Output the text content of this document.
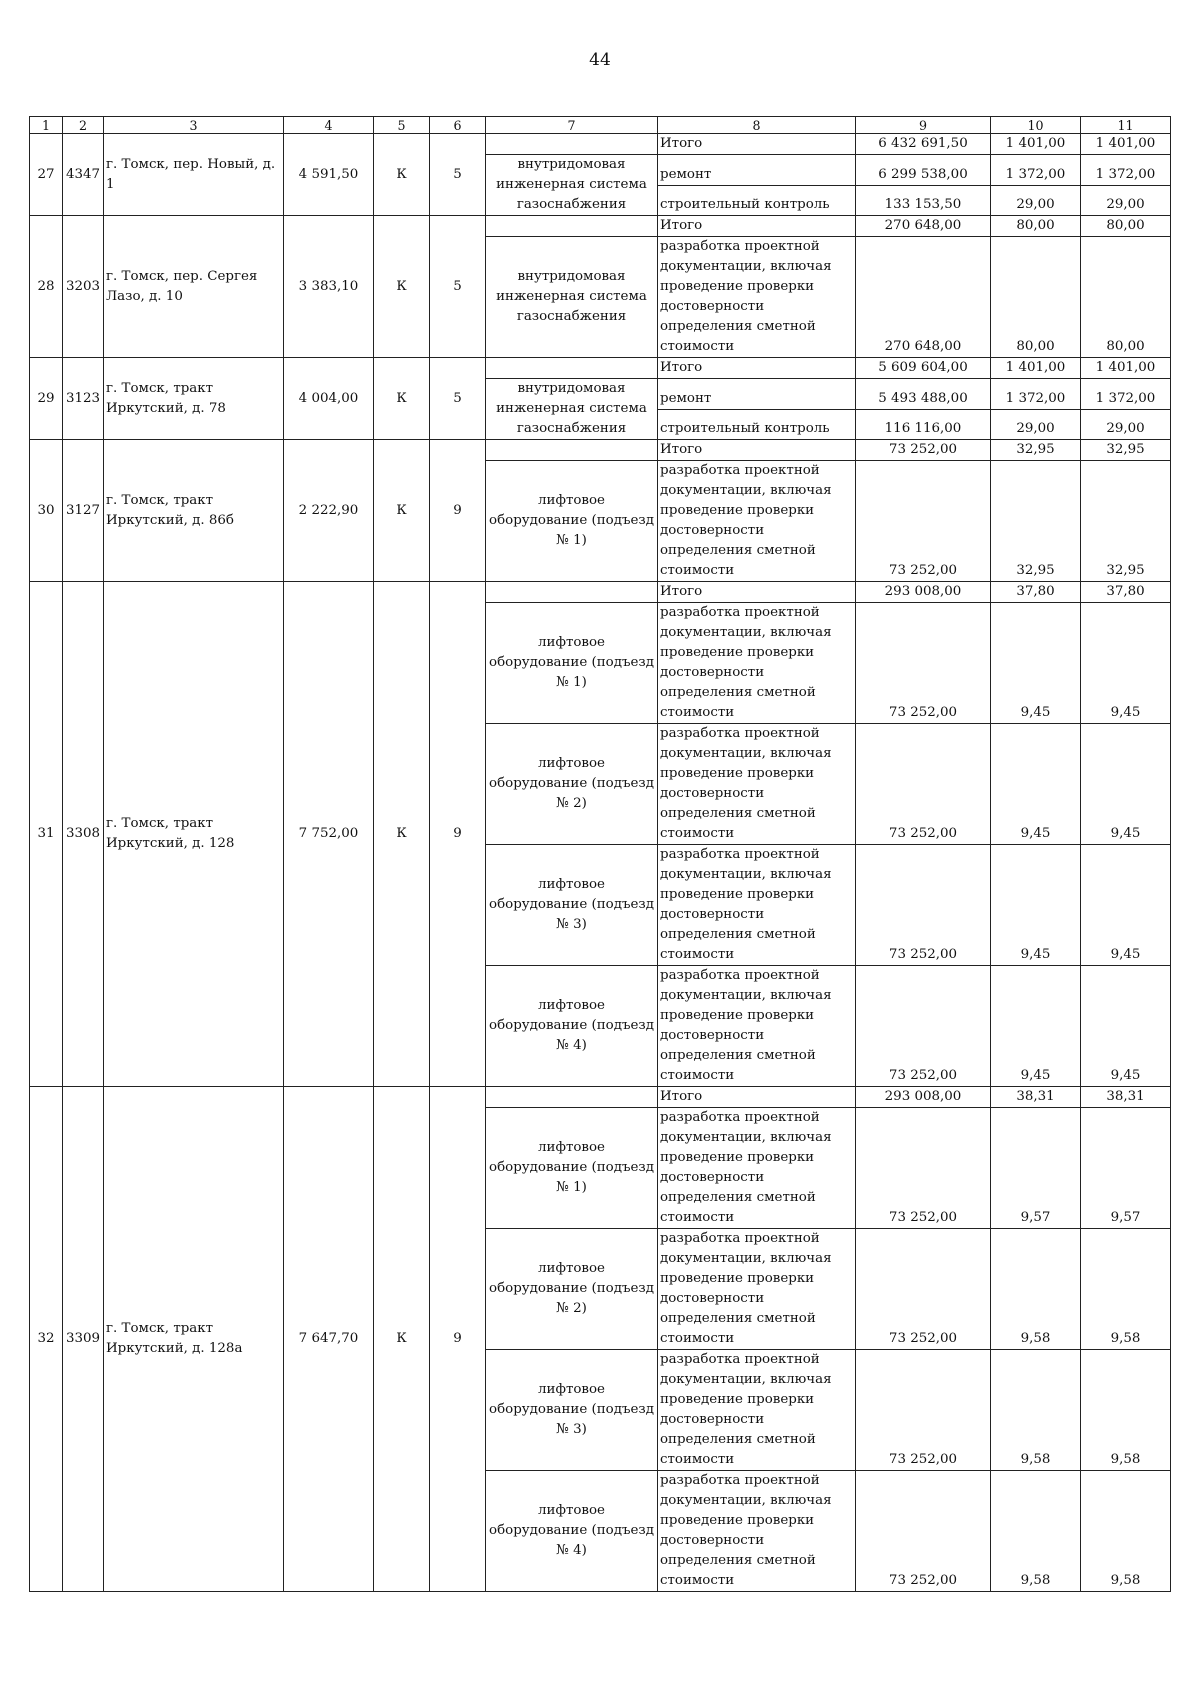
44
1	2	3	4	5	6	7	8	9	10	11
27	4347	г. Томск, пер. Новый, д. 1	4 591,50	К	5		Итого	6 432 691,50	1 401,00	1 401,00
						внутридомовая инженерная система газоснабжения	ремонт	6 299 538,00	1 372,00	1 372,00
							строительный контроль	133 153,50	29,00	29,00
28	3203	г. Томск, пер. Сергея Лазо, д. 10	3 383,10	К	5		Итого	270 648,00	80,00	80,00
						внутридомовая инженерная система газоснабжения	разработка проектной документации, включая проведение проверки достоверности определения сметной стоимости	270 648,00	80,00	80,00
29	3123	г. Томск, тракт Иркутский, д. 78	4 004,00	К	5		Итого	5 609 604,00	1 401,00	1 401,00
						внутридомовая инженерная система газоснабжения	ремонт	5 493 488,00	1 372,00	1 372,00
							строительный контроль	116 116,00	29,00	29,00
30	3127	г. Томск, тракт Иркутский, д. 86б	2 222,90	К	9		Итого	73 252,00	32,95	32,95
						лифтовое оборудование (подъезд № 1)	разработка проектной документации, включая проведение проверки достоверности определения сметной стоимости	73 252,00	32,95	32,95
31	3308	г. Томск, тракт Иркутский, д. 128	7 752,00	К	9		Итого	293 008,00	37,80	37,80
						лифтовое оборудование (подъезд № 1)	разработка проектной документации, включая проведение проверки достоверности определения сметной стоимости	73 252,00	9,45	9,45
						лифтовое оборудование (подъезд № 2)	разработка проектной документации, включая проведение проверки достоверности определения сметной стоимости	73 252,00	9,45	9,45
						лифтовое оборудование (подъезд № 3)	разработка проектной документации, включая проведение проверки достоверности определения сметной стоимости	73 252,00	9,45	9,45
						лифтовое оборудование (подъезд № 4)	разработка проектной документации, включая проведение проверки достоверности определения сметной стоимости	73 252,00	9,45	9,45
32	3309	г. Томск, тракт Иркутский, д. 128а	7 647,70	К	9		Итого	293 008,00	38,31	38,31
						лифтовое оборудование (подъезд № 1)	разработка проектной документации, включая проведение проверки достоверности определения сметной стоимости	73 252,00	9,57	9,57
						лифтовое оборудование (подъезд № 2)	разработка проектной документации, включая проведение проверки достоверности определения сметной стоимости	73 252,00	9,58	9,58
						лифтовое оборудование (подъезд № 3)	разработка проектной документации, включая проведение проверки достоверности определения сметной стоимости	73 252,00	9,58	9,58
						лифтовое оборудование (подъезд № 4)	разработка проектной документации, включая проведение проверки достоверности определения сметной стоимости	73 252,00	9,58	9,58
